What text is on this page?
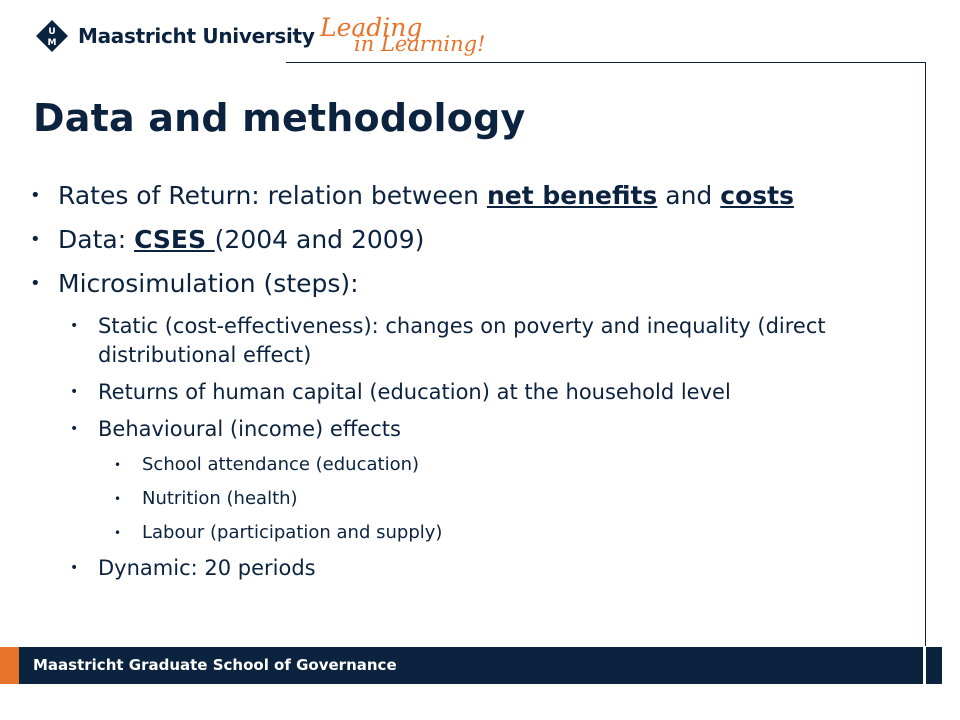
U
M Maastricht University Leading
in Learning!
Data and methodology

• Rates of Return: relation between net benefits and costs

• Data: CSES (2004 and 2009)

• Microsimulation (steps):

• Static (cost-effectiveness): changes on poverty and inequality (direct distributional effect)

• Returns of human capital (education) at the household level

• Behavioural (income) effects

• School attendance (education)

• Nutrition (health)

• Labour (participation and supply)

• Dynamic: 20 periods

Maastricht Graduate School of Governance
